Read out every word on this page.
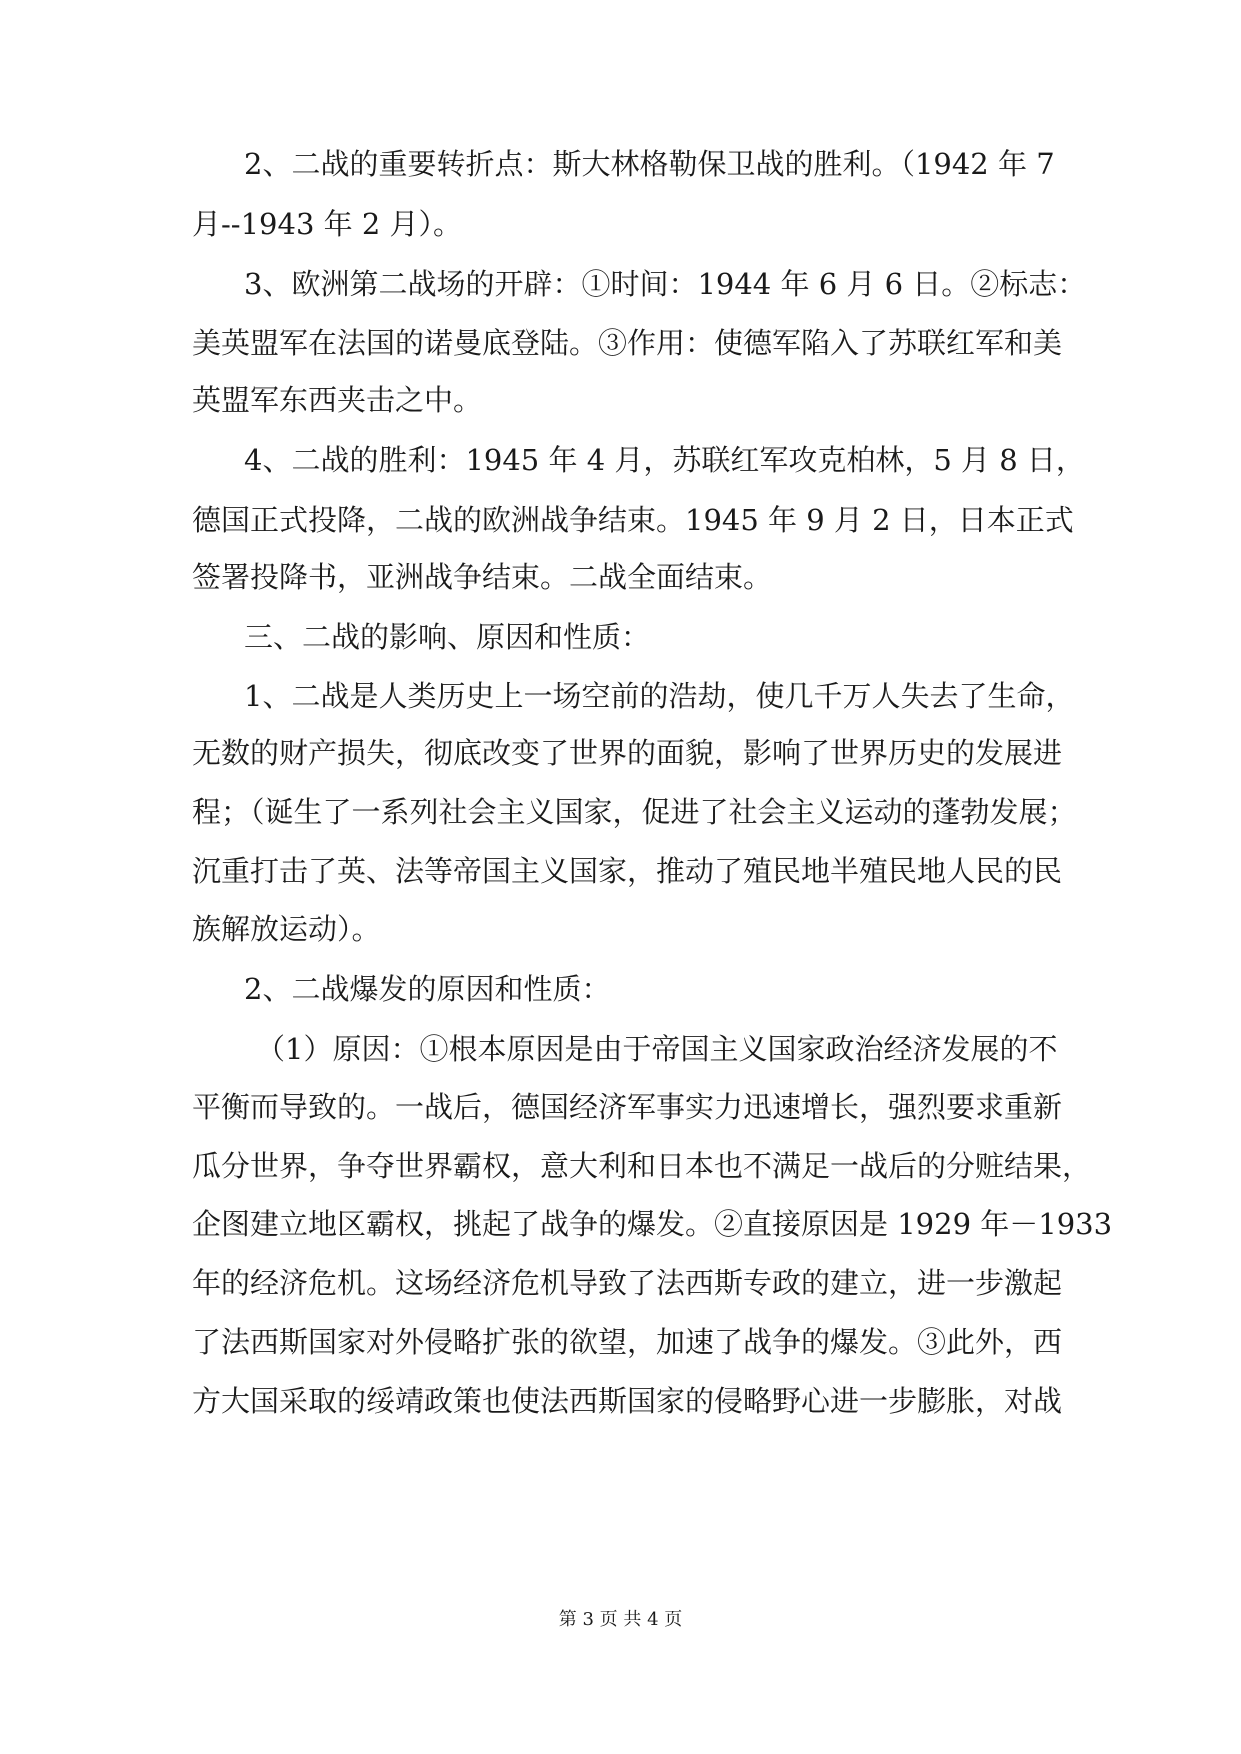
2、二战的重要转折点：斯大林格勒保卫战的胜利。（1942 年 7

月--1943 年 2 月）。

3、欧洲第二战场的开辟：①时间：1944 年 6 月 6 日。②标志：

美英盟军在法国的诺曼底登陆。③作用：使德军陷入了苏联红军和美

英盟军东西夹击之中。

4、二战的胜利：1945 年 4 月，苏联红军攻克柏林，5 月 8 日，

德国正式投降，二战的欧洲战争结束。1945 年 9 月 2 日，日本正式

签署投降书，亚洲战争结束。二战全面结束。

三、二战的影响、原因和性质：

1、二战是人类历史上一场空前的浩劫，使几千万人失去了生命，

无数的财产损失，彻底改变了世界的面貌，影响了世界历史的发展进

程；（诞生了一系列社会主义国家，促进了社会主义运动的蓬勃发展；

沉重打击了英、法等帝国主义国家，推动了殖民地半殖民地人民的民

族解放运动）。

2、二战爆发的原因和性质：

（1）原因：①根本原因是由于帝国主义国家政治经济发展的不

平衡而导致的。一战后，德国经济军事实力迅速增长，强烈要求重新

瓜分世界，争夺世界霸权，意大利和日本也不满足一战后的分赃结果，

企图建立地区霸权，挑起了战争的爆发。②直接原因是 1929 年－1933

年的经济危机。这场经济危机导致了法西斯专政的建立，进一步激起

了法西斯国家对外侵略扩张的欲望，加速了战争的爆发。③此外，西

方大国采取的绥靖政策也使法西斯国家的侵略野心进一步膨胀，对战

第 3 页 共 4 页
